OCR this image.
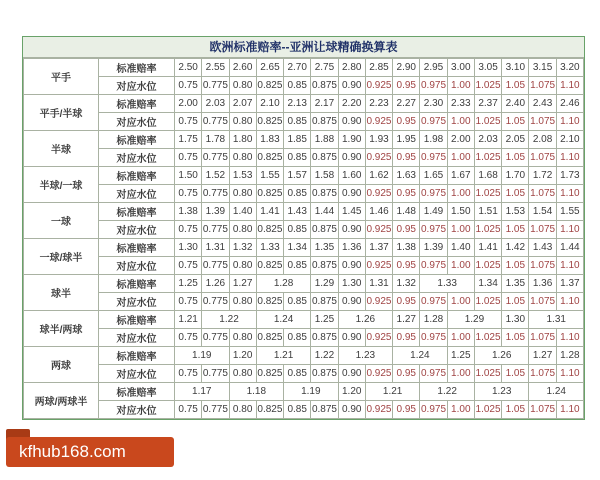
欧洲标准赔率--亚洲让球精确换算表
平手	标准赔率	2.50	2.55	2.60	2.65	2.70	2.75	2.80	2.85	2.90	2.95	3.00	3.05	3.10	3.15	3.20
	对应水位	0.75	0.775	0.80	0.825	0.85	0.875	0.90	0.925	0.95	0.975	1.00	1.025	1.05	1.075	1.10
平手/半球	标准赔率	2.00	2.03	2.07	2.10	2.13	2.17	2.20	2.23	2.27	2.30	2.33	2.37	2.40	2.43	2.46
	对应水位	0.75	0.775	0.80	0.825	0.85	0.875	0.90	0.925	0.95	0.975	1.00	1.025	1.05	1.075	1.10
半球	标准赔率	1.75	1.78	1.80	1.83	1.85	1.88	1.90	1.93	1.95	1.98	2.00	2.03	2.05	2.08	2.10
	对应水位	0.75	0.775	0.80	0.825	0.85	0.875	0.90	0.925	0.95	0.975	1.00	1.025	1.05	1.075	1.10
半球/一球	标准赔率	1.50	1.52	1.53	1.55	1.57	1.58	1.60	1.62	1.63	1.65	1.67	1.68	1.70	1.72	1.73
	对应水位	0.75	0.775	0.80	0.825	0.85	0.875	0.90	0.925	0.95	0.975	1.00	1.025	1.05	1.075	1.10
一球	标准赔率	1.38	1.39	1.40	1.41	1.43	1.44	1.45	1.46	1.48	1.49	1.50	1.51	1.53	1.54	1.55
	对应水位	0.75	0.775	0.80	0.825	0.85	0.875	0.90	0.925	0.95	0.975	1.00	1.025	1.05	1.075	1.10
一球/球半	标准赔率	1.30	1.31	1.32	1.33	1.34	1.35	1.36	1.37	1.38	1.39	1.40	1.41	1.42	1.43	1.44
	对应水位	0.75	0.775	0.80	0.825	0.85	0.875	0.90	0.925	0.95	0.975	1.00	1.025	1.05	1.075	1.10
球半	标准赔率	1.25	1.26	1.27	1.28		1.29	1.30	1.31	1.32	1.33		1.34	1.35	1.36	1.37
	对应水位	0.75	0.775	0.80	0.825	0.85	0.875	0.90	0.925	0.95	0.975	1.00	1.025	1.05	1.075	1.10
球半/两球	标准赔率	1.21	1.22		1.24		1.25	1.26		1.27	1.28	1.29		1.30	1.31	
	对应水位	0.75	0.775	0.80	0.825	0.85	0.875	0.90	0.925	0.95	0.975	1.00	1.025	1.05	1.075	1.10
两球	标准赔率	1.19		1.20	1.21		1.22	1.23		1.24		1.25	1.26		1.27	1.28
	对应水位	0.75	0.775	0.80	0.825	0.85	0.875	0.90	0.925	0.95	0.975	1.00	1.025	1.05	1.075	1.10
两球/两球半	标准赔率	1.17		1.18		1.19		1.20	1.21		1.22		1.23		1.24	
	对应水位	0.75	0.775	0.80	0.825	0.85	0.875	0.90	0.925	0.95	0.975	1.00	1.025	1.05	1.075	1.10
kfhub168.com
